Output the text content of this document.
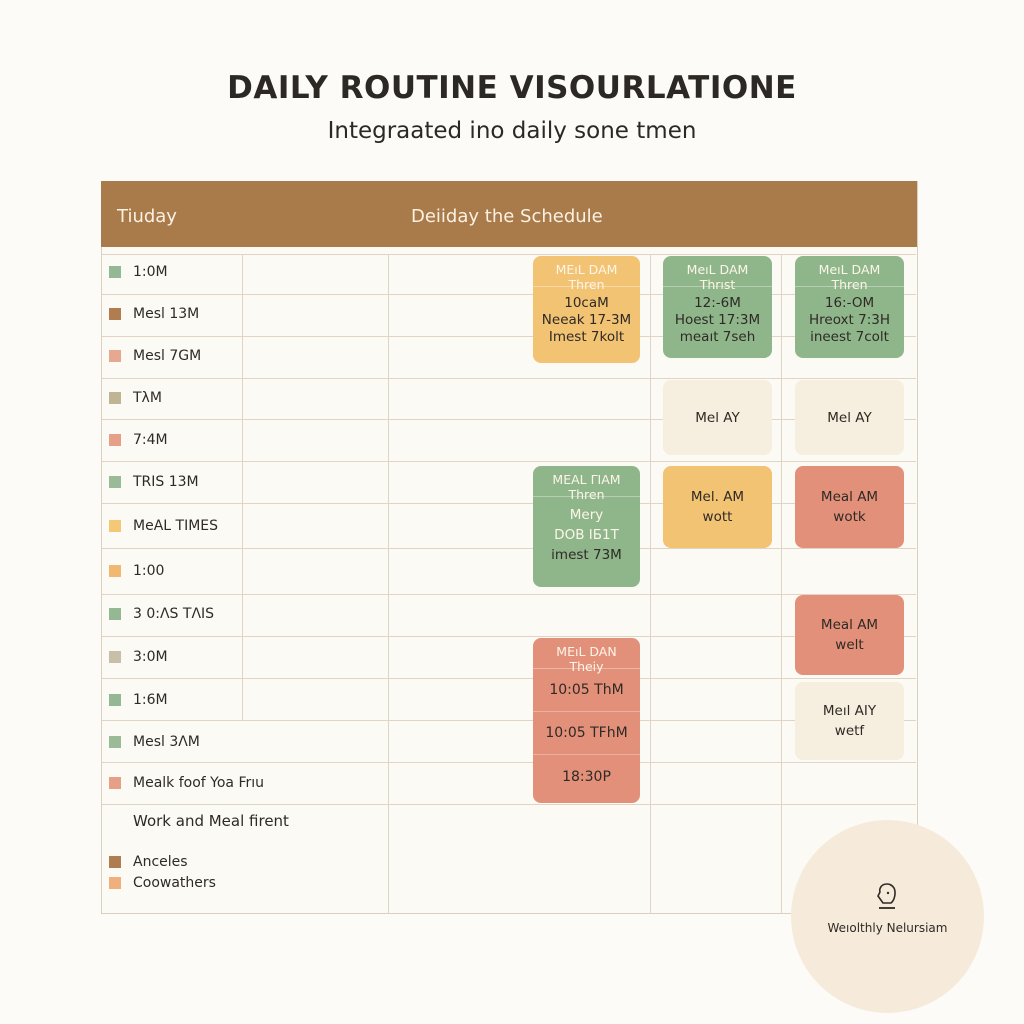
DAILY ROUTINE VISOURLATIONE
Integraated ino daily sone tmen
Tiuday	Deiiday the Schedule
1:0M
Mesl 13M
Mesl 7GM
TλM
7:4M
TRIS 13M
MeAL TIMES
1:00
3 0:ΛS TΛIS
3:0M
1:6M
Mesl 3ΛM
Mealk foof Yoa Frıu
Work and Meal firent
Ancelеs
Coowathers
MEıL DAM
Thren
10caM
Neeak 17-3M
Imest 7kolt
MeıL DAM
Thrıst
12:-6M
Hoest 17:3M
meaıt 7seh
MeıL DAM
Thren
16:-OM
Hreoxt 7:3H
ineest 7colt
Mel AY	Mel AY
MEAL ΓIAM
Thren
Mery
DOB ІƂ1T
imest 73M
Mel. AM
wott
Meal AM
wotk
Meal AM
welt
Meıl AIY
wetf
MEıL DAN
Theiy
10:05 ThM
10:05 TFhM
18:30P
Weıolthly Nelursiam
